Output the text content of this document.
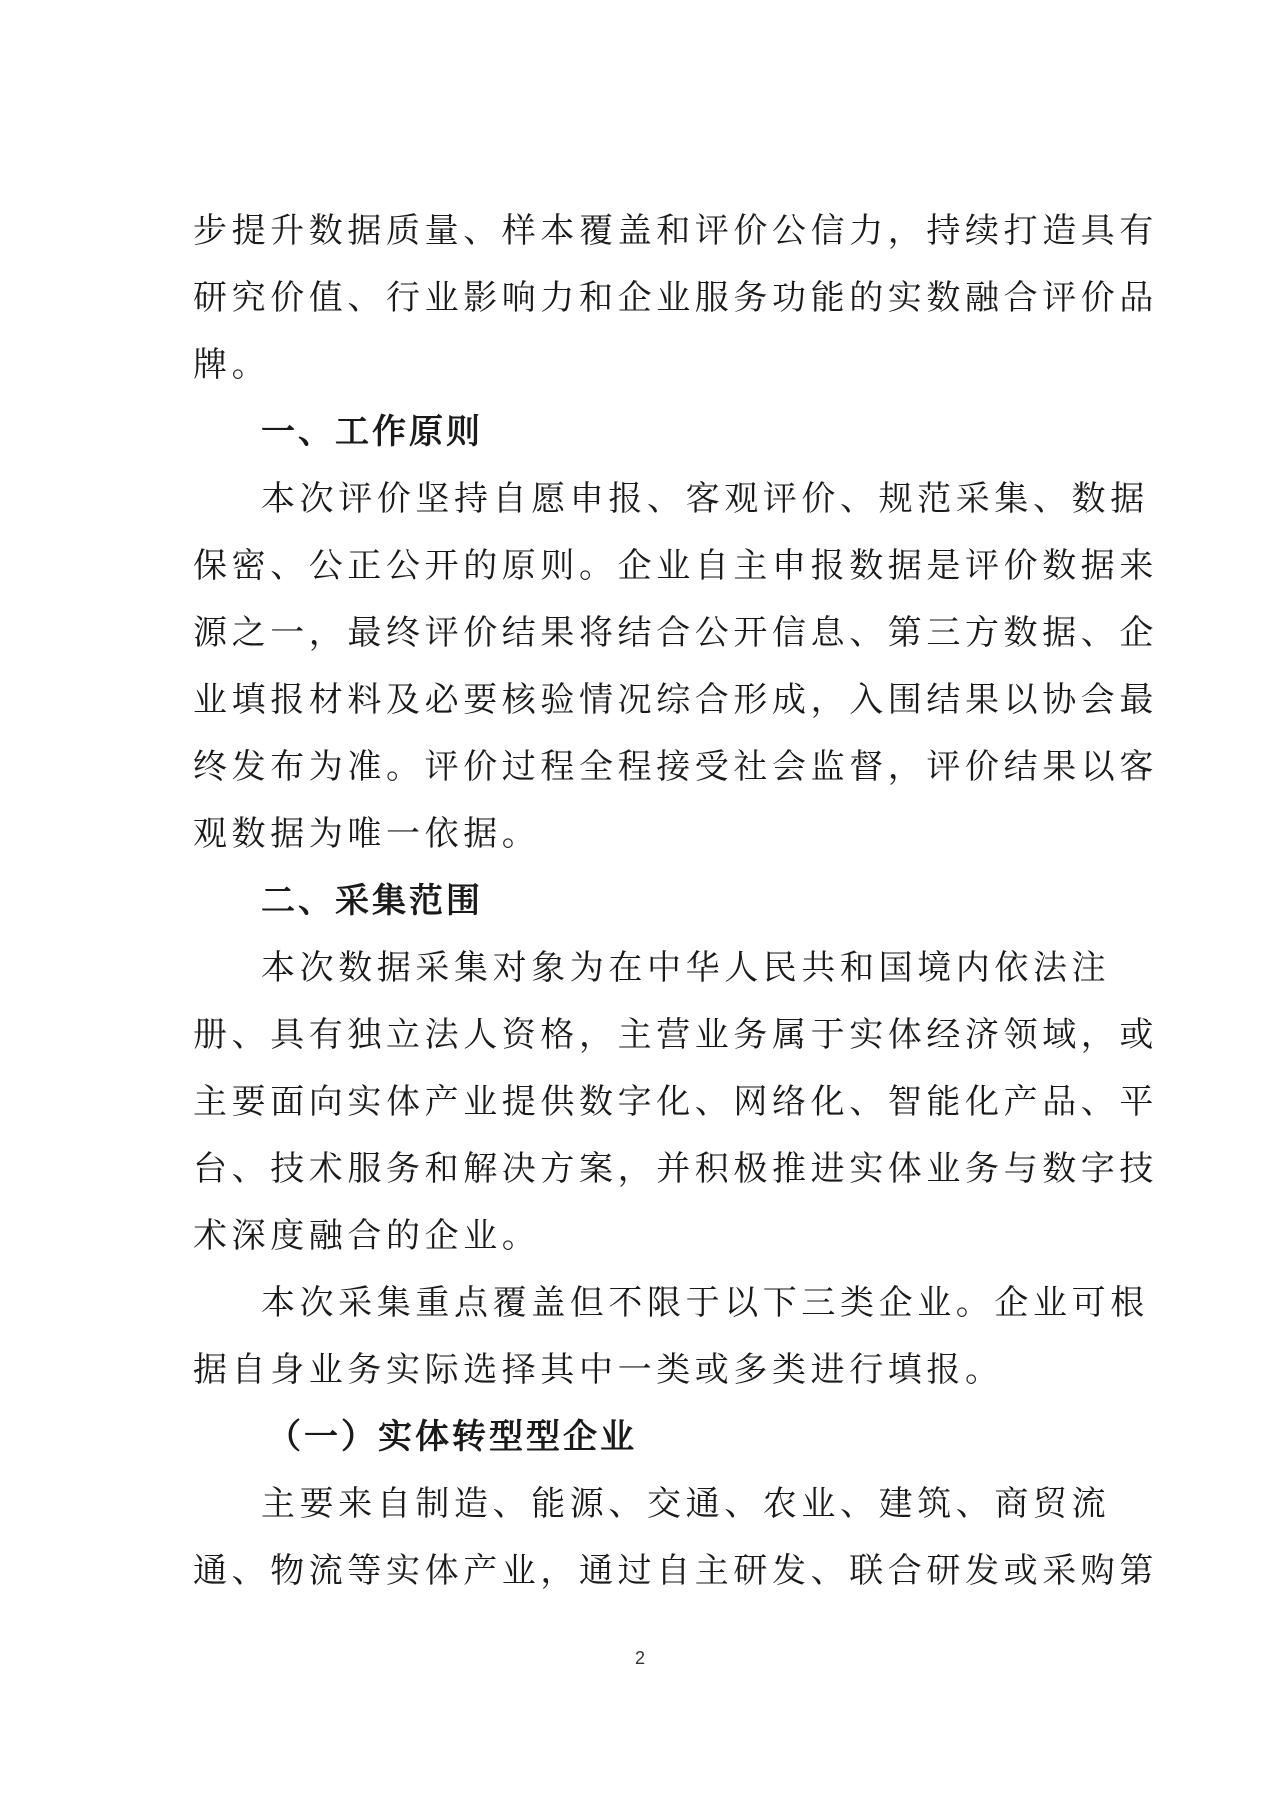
步提升数据质量、样本覆盖和评价公信力，持续打造具有
研究价值、行业影响力和企业服务功能的实数融合评价品
牌。
一、工作原则
本次评价坚持自愿申报、客观评价、规范采集、数据
保密、公正公开的原则。企业自主申报数据是评价数据来
源之一，最终评价结果将结合公开信息、第三方数据、企
业填报材料及必要核验情况综合形成，入围结果以协会最
终发布为准。评价过程全程接受社会监督，评价结果以客
观数据为唯一依据。
二、采集范围
本次数据采集对象为在中华人民共和国境内依法注
册、具有独立法人资格，主营业务属于实体经济领域，或
主要面向实体产业提供数字化、网络化、智能化产品、平
台、技术服务和解决方案，并积极推进实体业务与数字技
术深度融合的企业。
本次采集重点覆盖但不限于以下三类企业。企业可根
据自身业务实际选择其中一类或多类进行填报。
（一）实体转型型企业
主要来自制造、能源、交通、农业、建筑、商贸流
通、物流等实体产业，通过自主研发、联合研发或采购第
2
